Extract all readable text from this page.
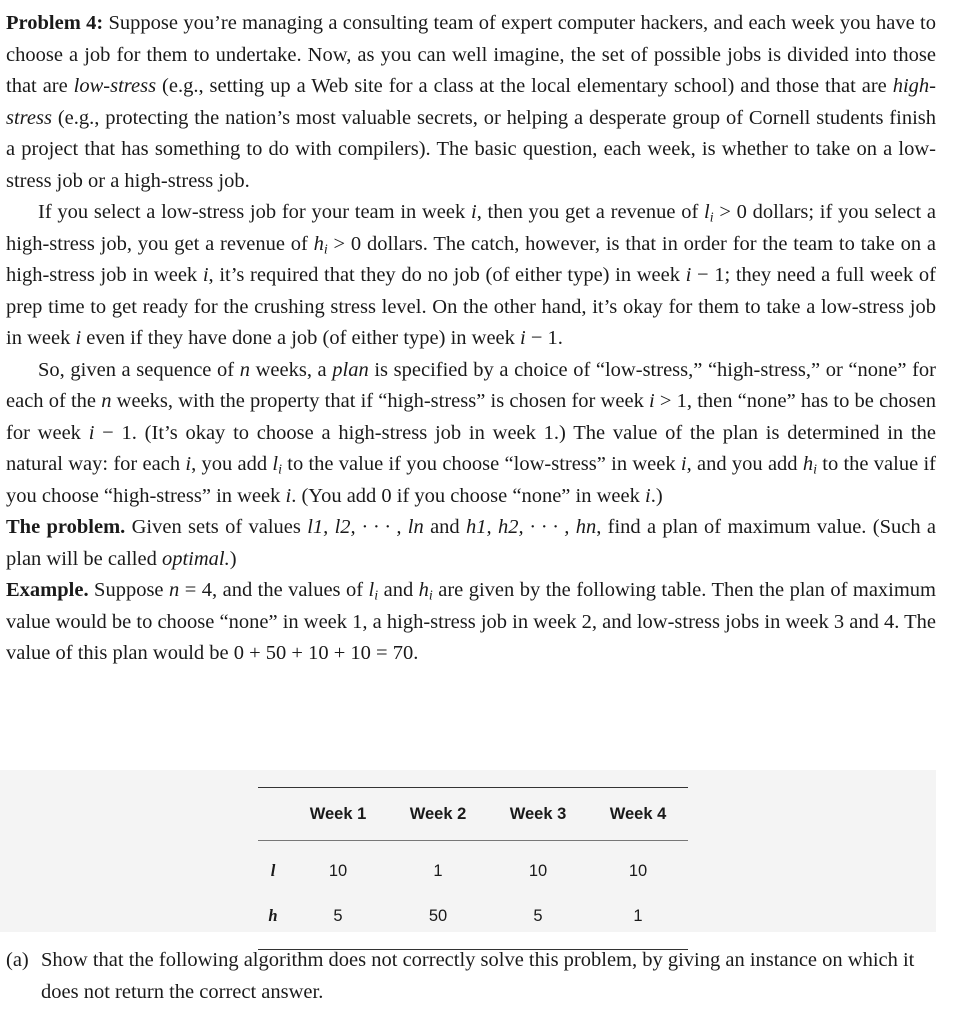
Problem 4: Suppose you’re managing a consulting team of expert computer hackers, and each week you have to choose a job for them to undertake. Now, as you can well imagine, the set of possible jobs is divided into those that are low-stress (e.g., setting up a Web site for a class at the local elementary school) and those that are high-stress (e.g., protecting the nation’s most valuable secrets, or helping a desperate group of Cornell students finish a project that has something to do with compilers). The basic question, each week, is whether to take on a low-stress job or a high-stress job.

If you select a low-stress job for your team in week i, then you get a revenue of $l_i > 0$ dollars; if you select a high-stress job, you get a revenue of $h_i > 0$ dollars. The catch, however, is that in order for the team to take on a high-stress job in week i, it’s required that they do no job (of either type) in week i − 1; they need a full week of prep time to get ready for the crushing stress level. On the other hand, it’s okay for them to take a low-stress job in week i even if they have done a job (of either type) in week i − 1.

So, given a sequence of n weeks, a plan is specified by a choice of “low-stress,” “high-stress,” or “none” for each of the n weeks, with the property that if “high-stress” is chosen for week i > 1, then “none” has to be chosen for week i − 1. (It’s okay to choose a high-stress job in week 1.) The value of the plan is determined in the natural way: for each i, you add $l_i$ to the value if you choose “low-stress” in week i, and you add $h_i$ to the value if you choose “high-stress” in week i. (You add 0 if you choose “none” in week i.)

The problem. Given sets of values l1, l2, · · · , ln and h1, h2, · · · , hn, find a plan of maximum value. (Such a plan will be called optimal.)

Example. Suppose n = 4, and the values of $l_i$ and $h_i$ are given by the following table. Then the plan of maximum value would be to choose “none” in week 1, a high-stress job in week 2, and low-stress jobs in week 3 and 4. The value of this plan would be 0 + 50 + 10 + 10 = 70.

	Week 1	Week 2	Week 3	Week 4
l	10	1	10	10
h	5	50	5	1
(a) Show that the following algorithm does not correctly solve this problem, by giving an instance on which it does not return the correct answer.
